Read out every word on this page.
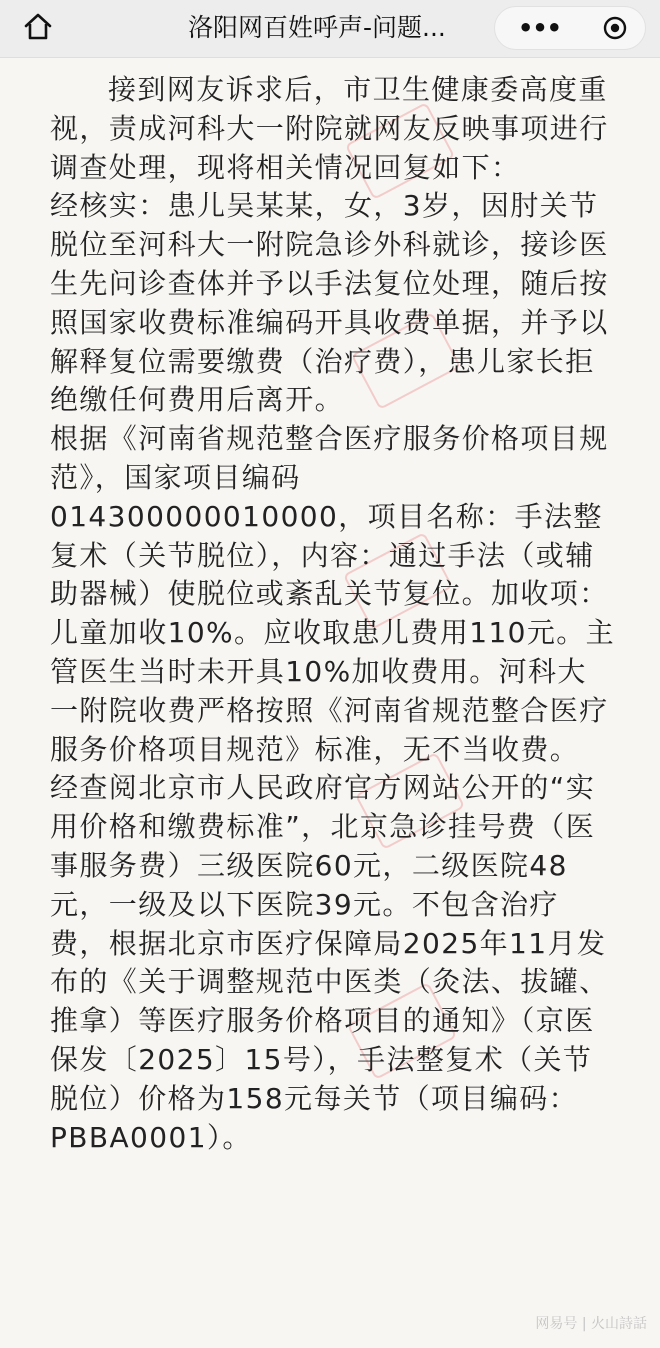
洛阳网百姓呼声-问题...	•••

接到网友诉求后，市卫生健康委高度重视，责成河科大一附院就网友反映事项进行调查处理，现将相关情况回复如下：

经核实：患儿吴某某，女，3岁，因肘关节脱位至河科大一附院急诊外科就诊，接诊医生先问诊查体并予以手法复位处理，随后按照国家收费标准编码开具收费单据，并予以解释复位需要缴费（治疗费），患儿家长拒绝缴任何费用后离开。

根据《河南省规范整合医疗服务价格项目规范》，国家项目编码014300000010000，项目名称：手法整复术（关节脱位），内容：通过手法（或辅助器械）使脱位或紊乱关节复位。加收项：儿童加收10%。应收取患儿费用110元。主管医生当时未开具10%加收费用。河科大一附院收费严格按照《河南省规范整合医疗服务价格项目规范》标准，无不当收费。

经查阅北京市人民政府官方网站公开的“实用价格和缴费标准”，北京急诊挂号费（医事服务费）三级医院60元，二级医院48元，一级及以下医院39元。不包含治疗费，根据北京市医疗保障局2025年11月发布的《关于调整规范中医类（灸法、拔罐、推拿）等医疗服务价格项目的通知》（京医保发〔2025〕15号），手法整复术（关节脱位）价格为158元每关节（项目编码：PBBA0001）。

网易号 | 火山詩話
